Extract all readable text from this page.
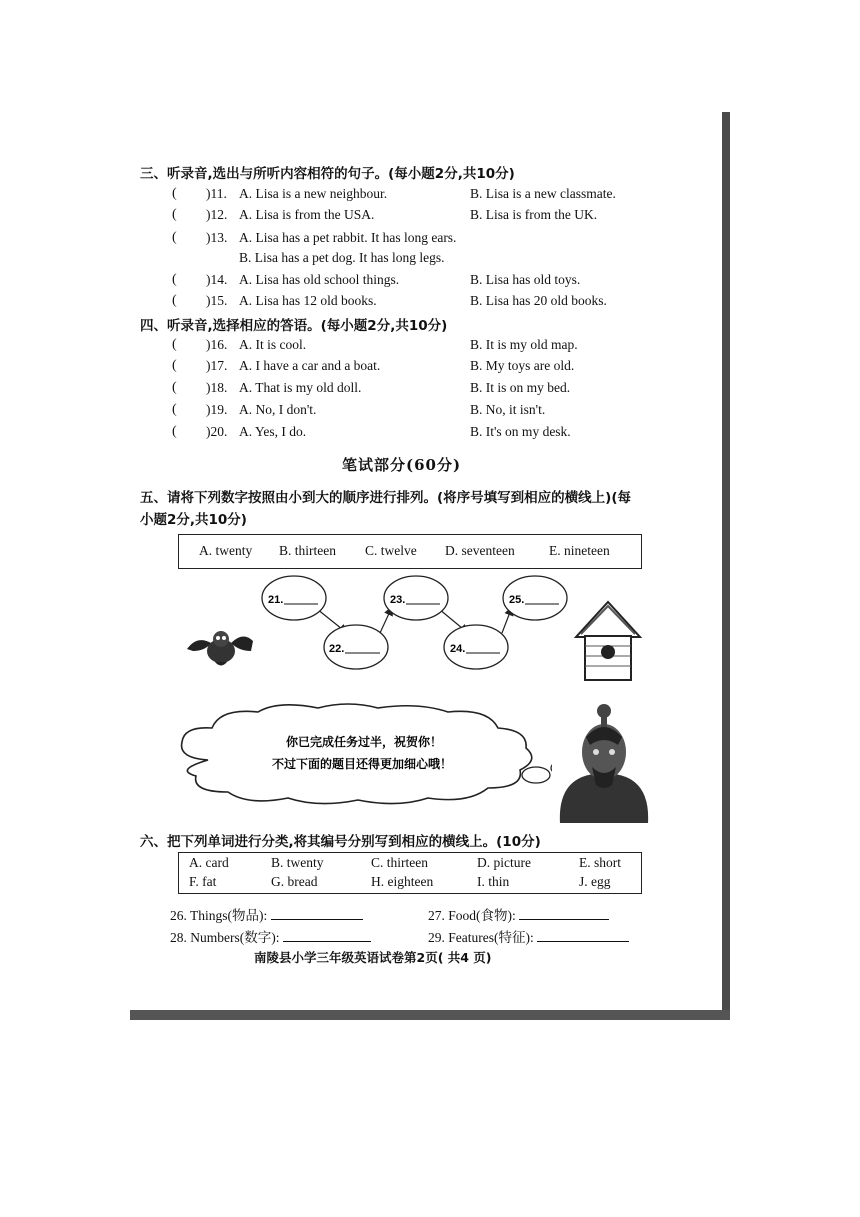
三、听录音,选出与所听内容相符的句子。(每小题2分,共10分)
( )11. A. Lisa is a new neighbour.	B. Lisa is a new classmate.
( )12. A. Lisa is from the USA.	B. Lisa is from the UK.
( )13. A. Lisa has a pet rabbit. It has long ears.
B. Lisa has a pet dog. It has long legs.
( )14. A. Lisa has old school things.	B. Lisa has old toys.
( )15. A. Lisa has 12 old books.	B. Lisa has 20 old books.
四、听录音,选择相应的答语。(每小题2分,共10分)
( )16. A. It is cool.	B. It is my old map.
( )17. A. I have a car and a boat.	B. My toys are old.
( )18. A. That is my old doll.	B. It is on my bed.
( )19. A. No, I don't.	B. No, it isn't.
( )20. A. Yes, I do.	B. It's on my desk.
笔试部分(60分)
五、请将下列数字按照由小到大的顺序进行排列。(将序号填写到相应的横线上)(每
小题2分,共10分)
A. twenty B. thirteen C. twelve D. seventeen	E. nineteen
21.
22.
23.
24.
25.
你已完成任务过半，祝贺你！
不过下面的题目还得更加细心哦！
六、把下列单词进行分类,将其编号分别写到相应的横线上。(10分)
A. card	B. twenty	C. thirteen	D. picture	E. short
F. fat	G. bread	H. eighteen	I. thin	J. egg
26. Things(物品):	27. Food(食物):
28. Numbers(数字):	29. Features(特征):
南陵县小学三年级英语试卷第2页( 共4 页)
